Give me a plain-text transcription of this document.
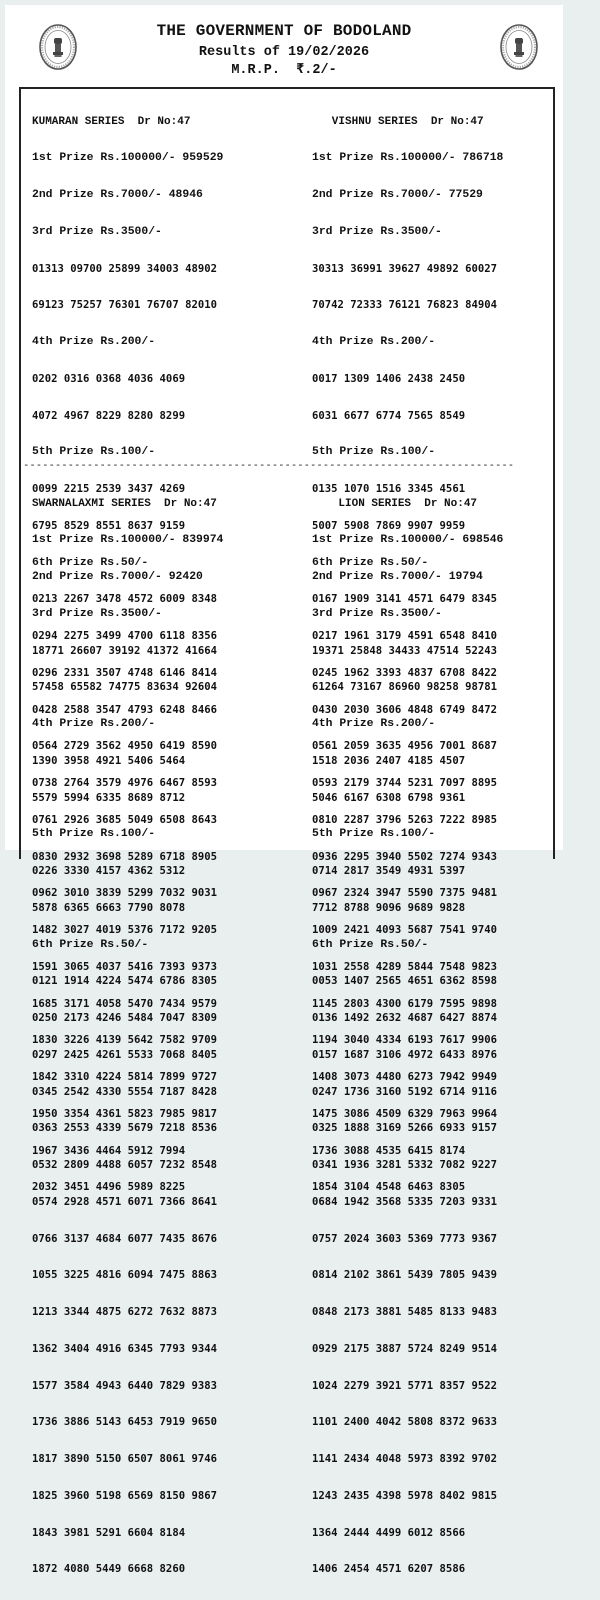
THE GOVERNMENT OF BODOLAND
Results of 19/02/2026
M.R.P.  ₹.2/-

KUMARAN SERIES  Dr No:47

1st Prize Rs.100000/- 959529

2nd Prize Rs.7000/- 48946

3rd Prize Rs.3500/-

01313 09700 25899 34003 48902

69123 75257 76301 76707 82010

4th Prize Rs.200/-

0202 0316 0368 4036 4069

4072 4967 8229 8280 8299

5th Prize Rs.100/-

0099 2215 2539 3437 4269

6795 8529 8551 8637 9159

6th Prize Rs.50/-

0213 2267 3478 4572 6009 8348

0294 2275 3499 4700 6118 8356

0296 2331 3507 4748 6146 8414

0428 2588 3547 4793 6248 8466

0564 2729 3562 4950 6419 8590

0738 2764 3579 4976 6467 8593

0761 2926 3685 5049 6508 8643

0830 2932 3698 5289 6718 8905

0962 3010 3839 5299 7032 9031

1482 3027 4019 5376 7172 9205

1591 3065 4037 5416 7393 9373

1685 3171 4058 5470 7434 9579

1830 3226 4139 5642 7582 9709

1842 3310 4224 5814 7899 9727

1950 3354 4361 5823 7985 9817

1967 3436 4464 5912 7994

2032 3451 4496 5989 8225

VISHNU SERIES  Dr No:47

1st Prize Rs.100000/- 786718

2nd Prize Rs.7000/- 77529

3rd Prize Rs.3500/-

30313 36991 39627 49892 60027

70742 72333 76121 76823 84904

4th Prize Rs.200/-

0017 1309 1406 2438 2450

6031 6677 6774 7565 8549

5th Prize Rs.100/-

0135 1070 1516 3345 4561

5007 5908 7869 9907 9959

6th Prize Rs.50/-

0167 1909 3141 4571 6479 8345

0217 1961 3179 4591 6548 8410

0245 1962 3393 4837 6708 8422

0430 2030 3606 4848 6749 8472

0561 2059 3635 4956 7001 8687

0593 2179 3744 5231 7097 8895

0810 2287 3796 5263 7222 8985

0936 2295 3940 5502 7274 9343

0967 2324 3947 5590 7375 9481

1009 2421 4093 5687 7541 9740

1031 2558 4289 5844 7548 9823

1145 2803 4300 6179 7595 9898

1194 3040 4334 6193 7617 9906

1408 3073 4480 6273 7942 9949

1475 3086 4509 6329 7963 9964

1736 3088 4535 6415 8174

1854 3104 4548 6463 8305

-----------------------------------------------------------------------------

SWARNALAXMI SERIES  Dr No:47

1st Prize Rs.100000/- 839974

2nd Prize Rs.7000/- 92420

3rd Prize Rs.3500/-

18771 26607 39192 41372 41664

57458 65582 74775 83634 92604

4th Prize Rs.200/-

1390 3958 4921 5406 5464

5579 5994 6335 8689 8712

5th Prize Rs.100/-

0226 3330 4157 4362 5312

5878 6365 6663 7790 8078

6th Prize Rs.50/-

0121 1914 4224 5474 6786 8305

0250 2173 4246 5484 7047 8309

0297 2425 4261 5533 7068 8405

0345 2542 4330 5554 7187 8428

0363 2553 4339 5679 7218 8536

0532 2809 4488 6057 7232 8548

0574 2928 4571 6071 7366 8641

0766 3137 4684 6077 7435 8676

1055 3225 4816 6094 7475 8863

1213 3344 4875 6272 7632 8873

1362 3404 4916 6345 7793 9344

1577 3584 4943 6440 7829 9383

1736 3886 5143 6453 7919 9650

1817 3890 5150 6507 8061 9746

1825 3960 5198 6569 8150 9867

1843 3981 5291 6604 8184

1872 4080 5449 6668 8260

LION SERIES  Dr No:47

1st Prize Rs.100000/- 698546

2nd Prize Rs.7000/- 19794

3rd Prize Rs.3500/-

19371 25848 34433 47514 52243

61264 73167 86960 98258 98781

4th Prize Rs.200/-

1518 2036 2407 4185 4507

5046 6167 6308 6798 9361

5th Prize Rs.100/-

0714 2817 3549 4931 5397

7712 8788 9096 9689 9828

6th Prize Rs.50/-

0053 1407 2565 4651 6362 8598

0136 1492 2632 4687 6427 8874

0157 1687 3106 4972 6433 8976

0247 1736 3160 5192 6714 9116

0325 1888 3169 5266 6933 9157

0341 1936 3281 5332 7082 9227

0684 1942 3568 5335 7203 9331

0757 2024 3603 5369 7773 9367

0814 2102 3861 5439 7805 9439

0848 2173 3881 5485 8133 9483

0929 2175 3887 5724 8249 9514

1024 2279 3921 5771 8357 9522

1101 2400 4042 5808 8372 9633

1141 2434 4048 5973 8392 9702

1243 2435 4398 5978 8402 9815

1364 2444 4499 6012 8566

1406 2454 4571 6207 8586
